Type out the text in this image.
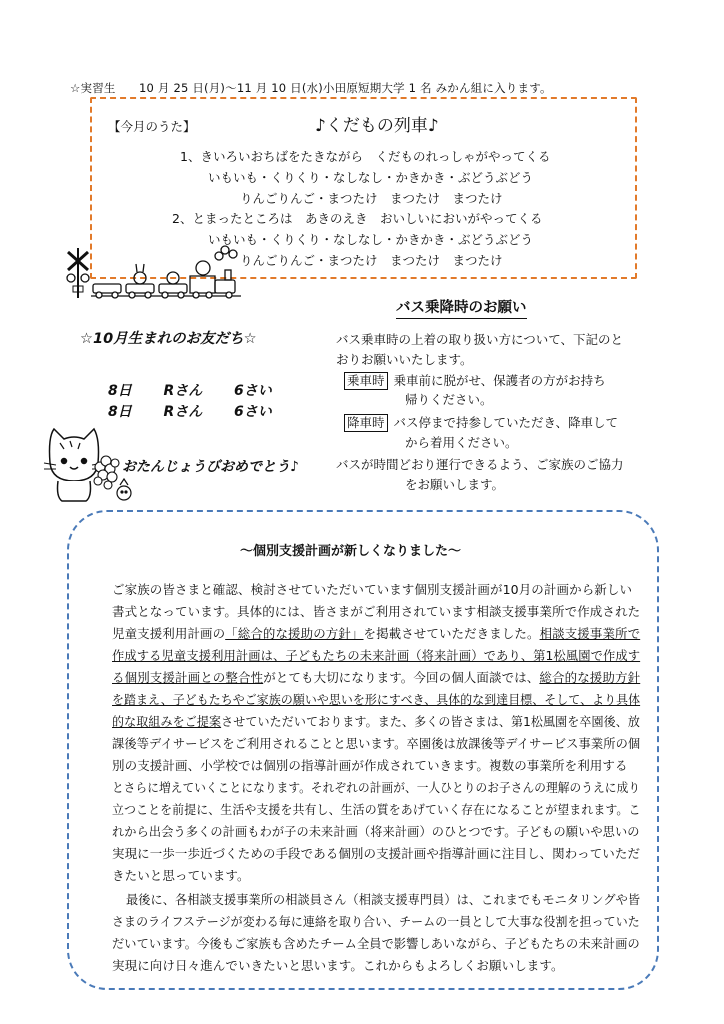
☆実習生　　10 月 25 日(月)〜11 月 10 日(水)小田原短期大学 1 名 みかん組に入ります。
【今月のうた】	♪くだもの列車♪
1、きいろいおちばをたきながら　くだものれっしゃがやってくる
いもいも・くりくり・なしなし・かきかき・ぶどうぶどう
りんごりんご・まつたけ　まつたけ　まつたけ
2、とまったところは　あきのえき　おいしいにおいがやってくる
いもいも・くりくり・なしなし・かきかき・ぶどうぶどう
りんごりんご・まつたけ　まつたけ　まつたけ
☆10月生まれのお友だち☆
8日 Rさん 6さい
8日 Rさん 6さい
おたんじょうびおめでとう♪
バス乗降時のお願い
バス乗車時の上着の取り扱い方について、下記のと
おりお願いいたします。
乗車時 乗車前に脱がせ、保護者の方がお持ち
帰りください。
降車時 バス停まで持参していただき、降車して
から着用ください。
バスが時間どおり運行できるよう、ご家族のご協力
をお願いします。
〜個別支援計画が新しくなりました〜
ご家族の皆さまと確認、検討させていただいています個別支援計画が10月の計画から新しい
書式となっています。具体的には、皆さまがご利用されています相談支援事業所で作成された
児童支援利用計画の「総合的な援助の方針」を掲載させていただきました。相談支援事業所で
作成する児童支援利用計画は、子どもたちの未来計画（将来計画）であり、第1松風園で作成す
る個別支援計画との整合性がとても大切になります。今回の個人面談では、総合的な援助方針
を踏まえ、子どもたちやご家族の願いや思いを形にすべき、具体的な到達目標、そして、より具体
的な取組みをご提案させていただいております。また、多くの皆さまは、第1松風園を卒園後、放
課後等デイサービスをご利用されることと思います。卒園後は放課後等デイサービス事業所の個
別の支援計画、小学校では個別の指導計画が作成されていきます。複数の事業所を利用する
とさらに増えていくことになります。それぞれの計画が、一人ひとりのお子さんの理解のうえに成り
立つことを前提に、生活や支援を共有し、生活の質をあげていく存在になることが望まれます。こ
れから出会う多くの計画もわが子の未来計画（将来計画）のひとつです。子どもの願いや思いの
実現に一歩一歩近づくための手段である個別の支援計画や指導計画に注目し、関わっていただ
きたいと思っています。
最後に、各相談支援事業所の相談員さん（相談支援専門員）は、これまでもモニタリングや皆
さまのライフステージが変わる毎に連絡を取り合い、チームの一員として大事な役割を担っていた
だいています。今後もご家族も含めたチーム全員で影響しあいながら、子どもたちの未来計画の
実現に向け日々進んでいきたいと思います。これからもよろしくお願いします。
